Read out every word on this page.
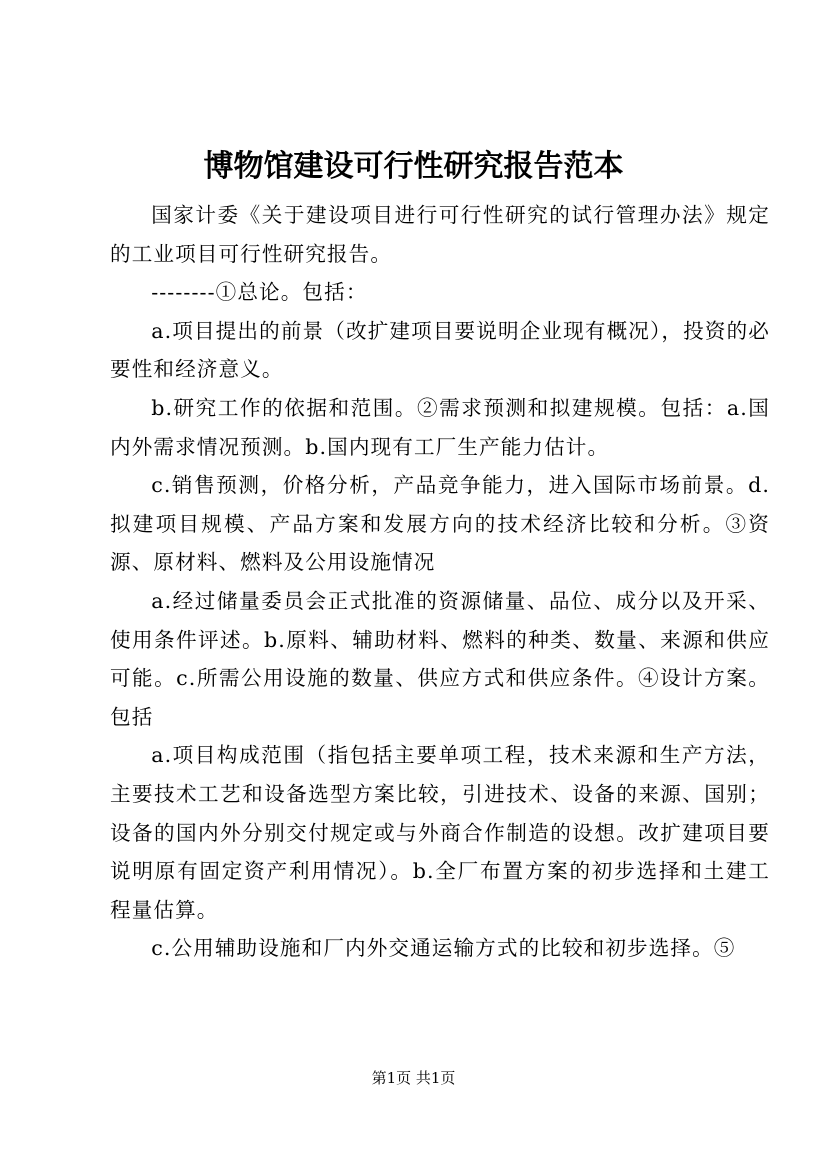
博物馆建设可行性研究报告范本

国家计委《关于建设项目进行可行性研究的试行管理办法》规定的工业项目可行性研究报告。

--------①总论。包括：

a.项目提出的前景（改扩建项目要说明企业现有概况），投资的必要性和经济意义。

b.研究工作的依据和范围。②需求预测和拟建规模。包括：a.国内外需求情况预测。b.国内现有工厂生产能力估计。

c.销售预测，价格分析，产品竞争能力，进入国际市场前景。d.拟建项目规模、产品方案和发展方向的技术经济比较和分析。③资源、原材料、燃料及公用设施情况

a.经过储量委员会正式批准的资源储量、品位、成分以及开采、使用条件评述。b.原料、辅助材料、燃料的种类、数量、来源和供应可能。c.所需公用设施的数量、供应方式和供应条件。④设计方案。包括

a.项目构成范围（指包括主要单项工程，技术来源和生产方法，主要技术工艺和设备选型方案比较，引进技术、设备的来源、国别；设备的国内外分别交付规定或与外商合作制造的设想。改扩建项目要说明原有固定资产利用情况）。b.全厂布置方案的初步选择和土建工程量估算。

c.公用辅助设施和厂内外交通运输方式的比较和初步选择。⑤

第1页 共1页
